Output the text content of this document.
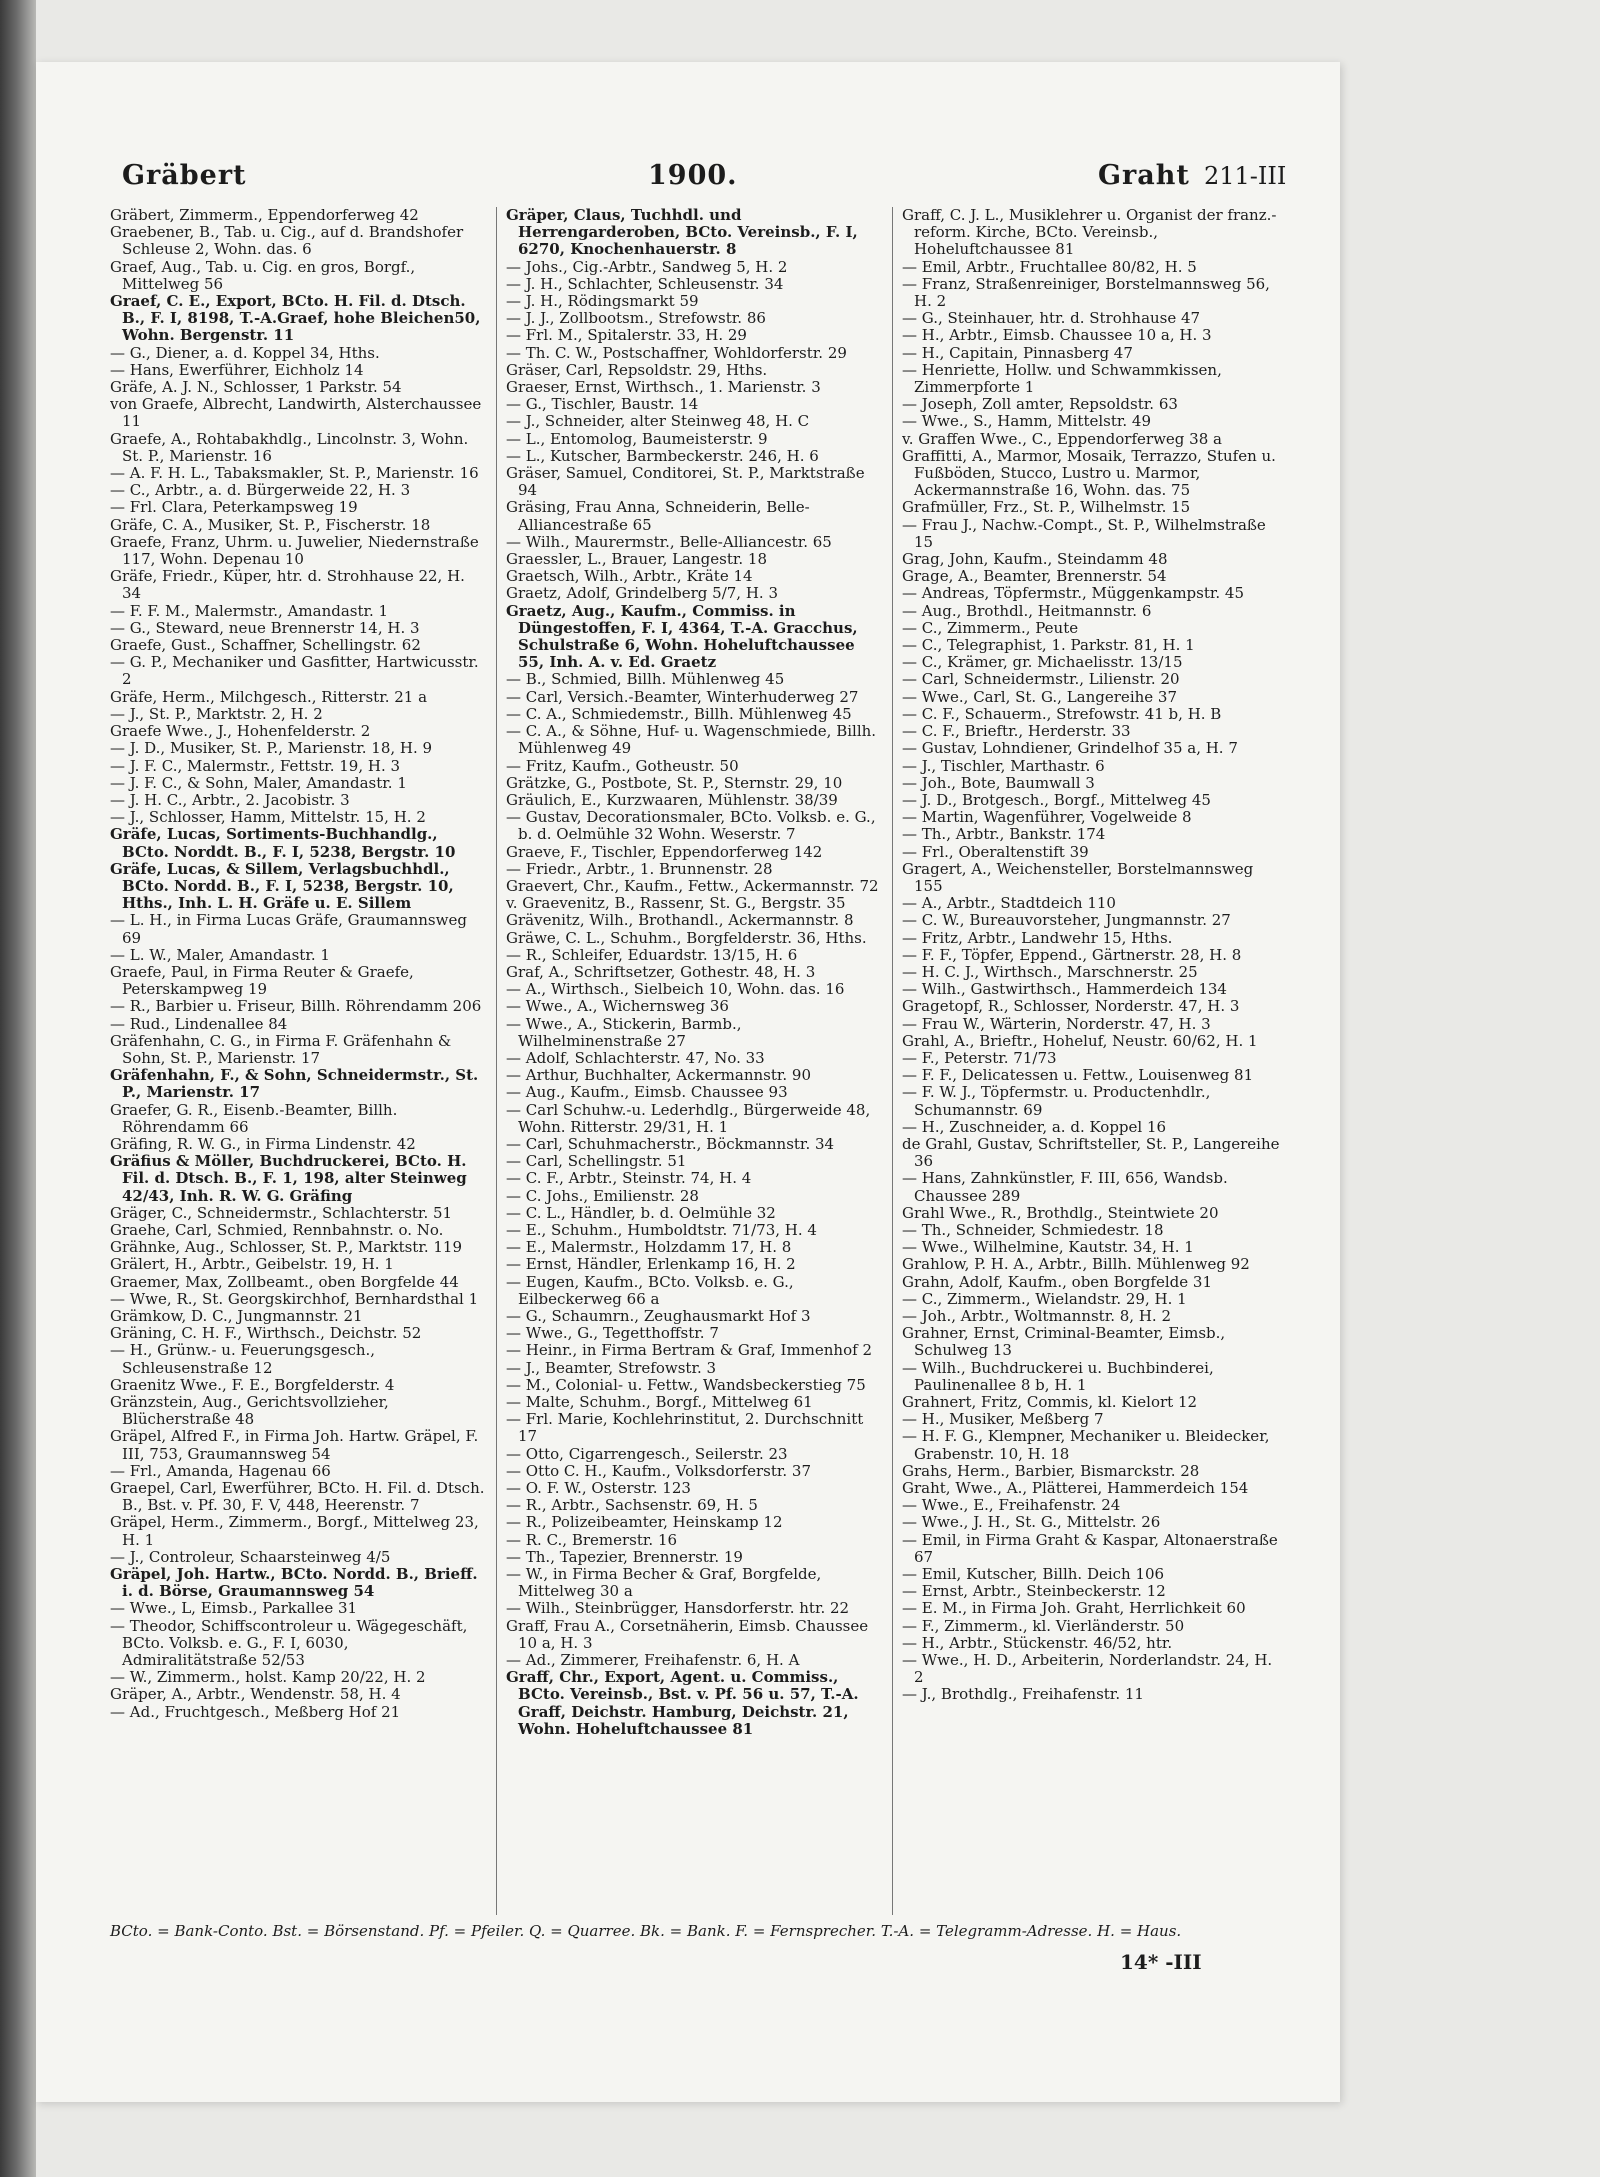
Gräbert	1900.	Graht 211-III

Gräbert, Zimmerm., Eppendorferweg 42

Graebener, B., Tab. u. Cig., auf d. Brandshofer Schleuse 2, Wohn. das. 6

Graef, Aug., Tab. u. Cig. en gros, Borgf., Mittelweg 56

Graef, C. E., Export, BCto. H. Fil. d. Dtsch. B., F. I, 8198, T.-A.Graef, hohe Bleichen50, Wohn. Bergenstr. 11

— G., Diener, a. d. Koppel 34, Hths.

— Hans, Ewerführer, Eichholz 14

Gräfe, A. J. N., Schlosser, 1 Parkstr. 54

von Graefe, Albrecht, Landwirth, Alsterchaussee 11

Graefe, A., Rohtabakhdlg., Lincolnstr. 3, Wohn. St. P., Marienstr. 16

— A. F. H. L., Tabaksmakler, St. P., Marienstr. 16

— C., Arbtr., a. d. Bürgerweide 22, H. 3

— Frl. Clara, Peterkampsweg 19

Gräfe, C. A., Musiker, St. P., Fischerstr. 18

Graefe, Franz, Uhrm. u. Juwelier, Niedernstraße 117, Wohn. Depenau 10

Gräfe, Friedr., Küper, htr. d. Strohhause 22, H. 34

— F. F. M., Malermstr., Amandastr. 1

— G., Steward, neue Brennerstr 14, H. 3

Graefe, Gust., Schaffner, Schellingstr. 62

— G. P., Mechaniker und Gasfitter, Hartwicusstr. 2

Gräfe, Herm., Milchgesch., Ritterstr. 21 a

— J., St. P., Marktstr. 2, H. 2

Graefe Wwe., J., Hohenfelderstr. 2

— J. D., Musiker, St. P., Marienstr. 18, H. 9

— J. F. C., Malermstr., Fettstr. 19, H. 3

— J. F. C., & Sohn, Maler, Amandastr. 1

— J. H. C., Arbtr., 2. Jacobistr. 3

— J., Schlosser, Hamm, Mittelstr. 15, H. 2

Gräfe, Lucas, Sortiments-Buchhandlg., BCto. Norddt. B., F. I, 5238, Bergstr. 10

Gräfe, Lucas, & Sillem, Verlagsbuchhdl., BCto. Nordd. B., F. I, 5238, Bergstr. 10, Hths., Inh. L. H. Gräfe u. E. Sillem

— L. H., in Firma Lucas Gräfe, Graumannsweg 69

— L. W., Maler, Amandastr. 1

Graefe, Paul, in Firma Reuter & Graefe, Peterskampweg 19

— R., Barbier u. Friseur, Billh. Röhrendamm 206

— Rud., Lindenallee 84

Gräfenhahn, C. G., in Firma F. Gräfenhahn & Sohn, St. P., Marienstr. 17

Gräfenhahn, F., & Sohn, Schneidermstr., St. P., Marienstr. 17

Graefer, G. R., Eisenb.-Beamter, Billh. Röhrendamm 66

Gräfing, R. W. G., in Firma Lindenstr. 42

Gräfius & Möller, Buchdruckerei, BCto. H. Fil. d. Dtsch. B., F. 1, 198, alter Steinweg 42/43, Inh. R. W. G. Gräfing

Gräger, C., Schneidermstr., Schlachterstr. 51

Graehe, Carl, Schmied, Rennbahnstr. o. No.

Grähnke, Aug., Schlosser, St. P., Marktstr. 119

Grälert, H., Arbtr., Geibelstr. 19, H. 1

Graemer, Max, Zollbeamt., oben Borgfelde 44

— Wwe, R., St. Georgskirchhof, Bernhardsthal 1

Grämkow, D. C., Jungmannstr. 21

Gräning, C. H. F., Wirthsch., Deichstr. 52

— H., Grünw.- u. Feuerungsgesch., Schleusenstraße 12

Graenitz Wwe., F. E., Borgfelderstr. 4

Gränzstein, Aug., Gerichtsvollzieher, Blücherstraße 48

Gräpel, Alfred F., in Firma Joh. Hartw. Gräpel, F. III, 753, Graumannsweg 54

— Frl., Amanda, Hagenau 66

Graepel, Carl, Ewerführer, BCto. H. Fil. d. Dtsch. B., Bst. v. Pf. 30, F. V, 448, Heerenstr. 7

Gräpel, Herm., Zimmerm., Borgf., Mittelweg 23, H. 1

— J., Controleur, Schaarsteinweg 4/5

Gräpel, Joh. Hartw., BCto. Nordd. B., Brieff. i. d. Börse, Graumannsweg 54

— Wwe., L, Eimsb., Parkallee 31

— Theodor, Schiffscontroleur u. Wägegeschäft, BCto. Volksb. e. G., F. I, 6030, Admiralitätstraße 52/53

— W., Zimmerm., holst. Kamp 20/22, H. 2

Gräper, A., Arbtr., Wendenstr. 58, H. 4

— Ad., Fruchtgesch., Meßberg Hof 21

Gräper, Claus, Tuchhdl. und Herrengarderoben, BCto. Vereinsb., F. I, 6270, Knochenhauerstr. 8

— Johs., Cig.-Arbtr., Sandweg 5, H. 2

— J. H., Schlachter, Schleusenstr. 34

— J. H., Rödingsmarkt 59

— J. J., Zollbootsm., Strefowstr. 86

— Frl. M., Spitalerstr. 33, H. 29

— Th. C. W., Postschaffner, Wohldorferstr. 29

Gräser, Carl, Repsoldstr. 29, Hths.

Graeser, Ernst, Wirthsch., 1. Marienstr. 3

— G., Tischler, Baustr. 14

— J., Schneider, alter Steinweg 48, H. C

— L., Entomolog, Baumeisterstr. 9

— L., Kutscher, Barmbeckerstr. 246, H. 6

Gräser, Samuel, Conditorei, St. P., Marktstraße 94

Gräsing, Frau Anna, Schneiderin, Belle-Alliancestraße 65

— Wilh., Maurermstr., Belle-Alliancestr. 65

Graessler, L., Brauer, Langestr. 18

Graetsch, Wilh., Arbtr., Kräte 14

Graetz, Adolf, Grindelberg 5/7, H. 3

Graetz, Aug., Kaufm., Commiss. in Düngestoffen, F. I, 4364, T.-A. Gracchus, Schulstraße 6, Wohn. Hoheluftchaussee 55, Inh. A. v. Ed. Graetz

— B., Schmied, Billh. Mühlenweg 45

— Carl, Versich.-Beamter, Winterhuderweg 27

— C. A., Schmiedemstr., Billh. Mühlenweg 45

— C. A., & Söhne, Huf- u. Wagenschmiede, Billh. Mühlenweg 49

— Fritz, Kaufm., Gotheustr. 50

Grätzke, G., Postbote, St. P., Sternstr. 29, 10

Gräulich, E., Kurzwaaren, Mühlenstr. 38/39

— Gustav, Decorationsmaler, BCto. Volksb. e. G., b. d. Oelmühle 32 Wohn. Weserstr. 7

Graeve, F., Tischler, Eppendorferweg 142

— Friedr., Arbtr., 1. Brunnenstr. 28

Graevert, Chr., Kaufm., Fettw., Ackermannstr. 72

v. Graevenitz, B., Rassenr, St. G., Bergstr. 35

Grävenitz, Wilh., Brothandl., Ackermannstr. 8

Gräwe, C. L., Schuhm., Borgfelderstr. 36, Hths.

— R., Schleifer, Eduardstr. 13/15, H. 6

Graf, A., Schriftsetzer, Gothestr. 48, H. 3

— A., Wirthsch., Sielbeich 10, Wohn. das. 16

— Wwe., A., Wichernsweg 36

— Wwe., A., Stickerin, Barmb., Wilhelminenstraße 27

— Adolf, Schlachterstr. 47, No. 33

— Arthur, Buchhalter, Ackermannstr. 90

— Aug., Kaufm., Eimsb. Chaussee 93

— Carl Schuhw.-u. Lederhdlg., Bürgerweide 48, Wohn. Ritterstr. 29/31, H. 1

— Carl, Schuhmacherstr., Böckmannstr. 34

— Carl, Schellingstr. 51

— C. F., Arbtr., Steinstr. 74, H. 4

— C. Johs., Emilienstr. 28

— C. L., Händler, b. d. Oelmühle 32

— E., Schuhm., Humboldtstr. 71/73, H. 4

— E., Malermstr., Holzdamm 17, H. 8

— Ernst, Händler, Erlenkamp 16, H. 2

— Eugen, Kaufm., BCto. Volksb. e. G., Eilbeckerweg 66 a

— G., Schaumrn., Zeughausmarkt Hof 3

— Wwe., G., Tegetthoffstr. 7

— Heinr., in Firma Bertram & Graf, Immenhof 2

— J., Beamter, Strefowstr. 3

— M., Colonial- u. Fettw., Wandsbeckerstieg 75

— Malte, Schuhm., Borgf., Mittelweg 61

— Frl. Marie, Kochlehrinstitut, 2. Durchschnitt 17

— Otto, Cigarrengesch., Seilerstr. 23

— Otto C. H., Kaufm., Volksdorferstr. 37

— O. F. W., Osterstr. 123

— R., Arbtr., Sachsenstr. 69, H. 5

— R., Polizeibeamter, Heinskamp 12

— R. C., Bremerstr. 16

— Th., Tapezier, Brennerstr. 19

— W., in Firma Becher & Graf, Borgfelde, Mittelweg 30 a

— Wilh., Steinbrügger, Hansdorferstr. htr. 22

Graff, Frau A., Corsetnäherin, Eimsb. Chaussee 10 a, H. 3

— Ad., Zimmerer, Freihafenstr. 6, H. A

Graff, Chr., Export, Agent. u. Commiss., BCto. Vereinsb., Bst. v. Pf. 56 u. 57, T.-A. Graff, Deichstr. Hamburg, Deichstr. 21, Wohn. Hoheluftchaussee 81

Graff, C. J. L., Musiklehrer u. Organist der franz.-reform. Kirche, BCto. Vereinsb., Hoheluftchaussee 81

— Emil, Arbtr., Fruchtallee 80/82, H. 5

— Franz, Straßenreiniger, Borstelmannsweg 56, H. 2

— G., Steinhauer, htr. d. Strohhause 47

— H., Arbtr., Eimsb. Chaussee 10 a, H. 3

— H., Capitain, Pinnasberg 47

— Henriette, Hollw. und Schwammkissen, Zimmerpforte 1

— Joseph, Zoll amter, Repsoldstr. 63

— Wwe., S., Hamm, Mittelstr. 49

v. Graffen Wwe., C., Eppendorferweg 38 a

Graffitti, A., Marmor, Mosaik, Terrazzo, Stufen u. Fußböden, Stucco, Lustro u. Marmor, Ackermannstraße 16, Wohn. das. 75

Grafmüller, Frz., St. P., Wilhelmstr. 15

— Frau J., Nachw.-Compt., St. P., Wilhelmstraße 15

Grag, John, Kaufm., Steindamm 48

Grage, A., Beamter, Brennerstr. 54

— Andreas, Töpfermstr., Müggenkampstr. 45

— Aug., Brothdl., Heitmannstr. 6

— C., Zimmerm., Peute

— C., Telegraphist, 1. Parkstr. 81, H. 1

— C., Krämer, gr. Michaelisstr. 13/15

— Carl, Schneidermstr., Lilienstr. 20

— Wwe., Carl, St. G., Langereihe 37

— C. F., Schauerm., Strefowstr. 41 b, H. B

— C. F., Brieftr., Herderstr. 33

— Gustav, Lohndiener, Grindelhof 35 a, H. 7

— J., Tischler, Marthastr. 6

— Joh., Bote, Baumwall 3

— J. D., Brotgesch., Borgf., Mittelweg 45

— Martin, Wagenführer, Vogelweide 8

— Th., Arbtr., Bankstr. 174

— Frl., Oberaltenstift 39

Gragert, A., Weichensteller, Borstelmannsweg 155

— A., Arbtr., Stadtdeich 110

— C. W., Bureauvorsteher, Jungmannstr. 27

— Fritz, Arbtr., Landwehr 15, Hths.

— F. F., Töpfer, Eppend., Gärtnerstr. 28, H. 8

— H. C. J., Wirthsch., Marschnerstr. 25

— Wilh., Gastwirthsch., Hammerdeich 134

Gragetopf, R., Schlosser, Norderstr. 47, H. 3

— Frau W., Wärterin, Norderstr. 47, H. 3

Grahl, A., Brieftr., Hoheluf, Neustr. 60/62, H. 1

— F., Peterstr. 71/73

— F. F., Delicatessen u. Fettw., Louisenweg 81

— F. W. J., Töpfermstr. u. Productenhdlr., Schumannstr. 69

— H., Zuschneider, a. d. Koppel 16

de Grahl, Gustav, Schriftsteller, St. P., Langereihe 36

— Hans, Zahnkünstler, F. III, 656, Wandsb. Chaussee 289

Grahl Wwe., R., Brothdlg., Steintwiete 20

— Th., Schneider, Schmiedestr. 18

— Wwe., Wilhelmine, Kautstr. 34, H. 1

Grahlow, P. H. A., Arbtr., Billh. Mühlenweg 92

Grahn, Adolf, Kaufm., oben Borgfelde 31

— C., Zimmerm., Wielandstr. 29, H. 1

— Joh., Arbtr., Woltmannstr. 8, H. 2

Grahner, Ernst, Criminal-Beamter, Eimsb., Schulweg 13

— Wilh., Buchdruckerei u. Buchbinderei, Paulinenallee 8 b, H. 1

Grahnert, Fritz, Commis, kl. Kielort 12

— H., Musiker, Meßberg 7

— H. F. G., Klempner, Mechaniker u. Bleidecker, Grabenstr. 10, H. 18

Grahs, Herm., Barbier, Bismarckstr. 28

Graht, Wwe., A., Plätterei, Hammerdeich 154

— Wwe., E., Freihafenstr. 24

— Wwe., J. H., St. G., Mittelstr. 26

— Emil, in Firma Graht & Kaspar, Altonaerstraße 67

— Emil, Kutscher, Billh. Deich 106

— Ernst, Arbtr., Steinbeckerstr. 12

— E. M., in Firma Joh. Graht, Herrlichkeit 60

— F., Zimmerm., kl. Vierländerstr. 50

— H., Arbtr., Stückenstr. 46/52, htr.

— Wwe., H. D., Arbeiterin, Norderlandstr. 24, H. 2

— J., Brothdlg., Freihafenstr. 11

BCto. = Bank-Conto. Bst. = Börsenstand. Pf. = Pfeiler. Q. = Quarree. Bk. = Bank. F. = Fernsprecher. T.-A. = Telegramm-Adresse. H. = Haus.
14* -III
